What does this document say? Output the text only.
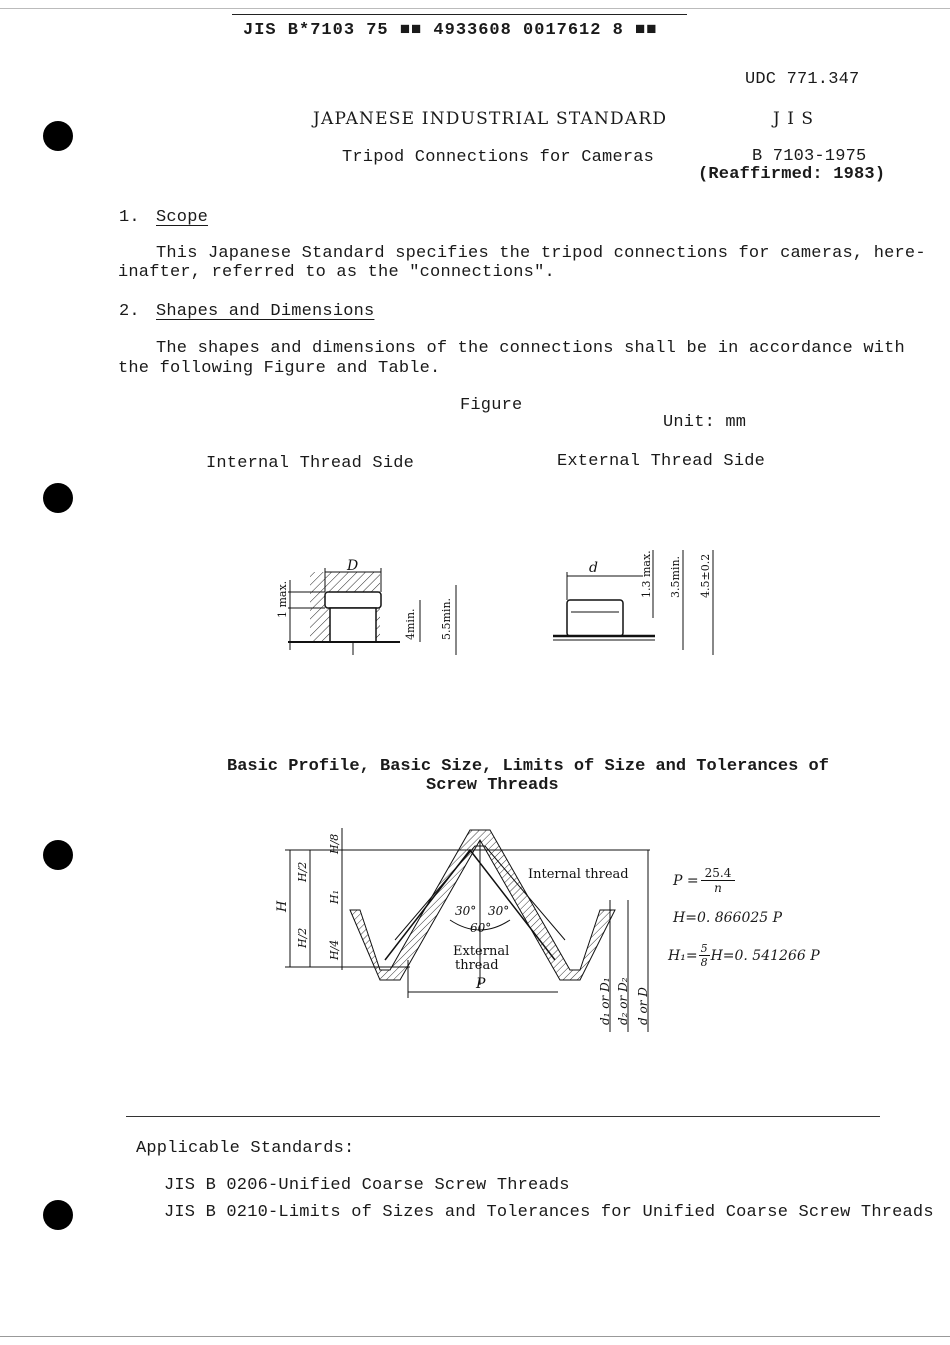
JIS B*7103 75 ■■ 4933608 0017612 8 ■■
UDC 771.347
JAPANESE INDUSTRIAL STANDARD	J I S
Tripod Connections for Cameras	B 7103-1975
(Reaffirmed: 1983)
1. Scope
This Japanese Standard specifies the tripod connections for cameras, here-
inafter, referred to as the "connections".
2. Shapes and Dimensions
The shapes and dimensions of the connections shall be in accordance with
the following Figure and Table.
Figure
Unit: mm
Internal Thread Side	External Thread Side
D
1 max.
4min. 5.5min.
d	1.3 max. 3.5min. 4.5±0.2
Basic Profile, Basic Size, Limits of Size and Tolerances of
Screw Threads
H
H/2
H/2
H/8
H₁
H/4
30° 30°
60°
Internal thread
External
thread
P	d₁ or D₁ d₂ or D₂ d or D
$P = \frac{25.4}{n}$
H=0. 866025 P
$H_1= \frac{5}{8} H=0$. 541266 P
Applicable Standards:
JIS B 0206-Unified Coarse Screw Threads
JIS B 0210-Limits of Sizes and Tolerances for Unified Coarse Screw Threads
